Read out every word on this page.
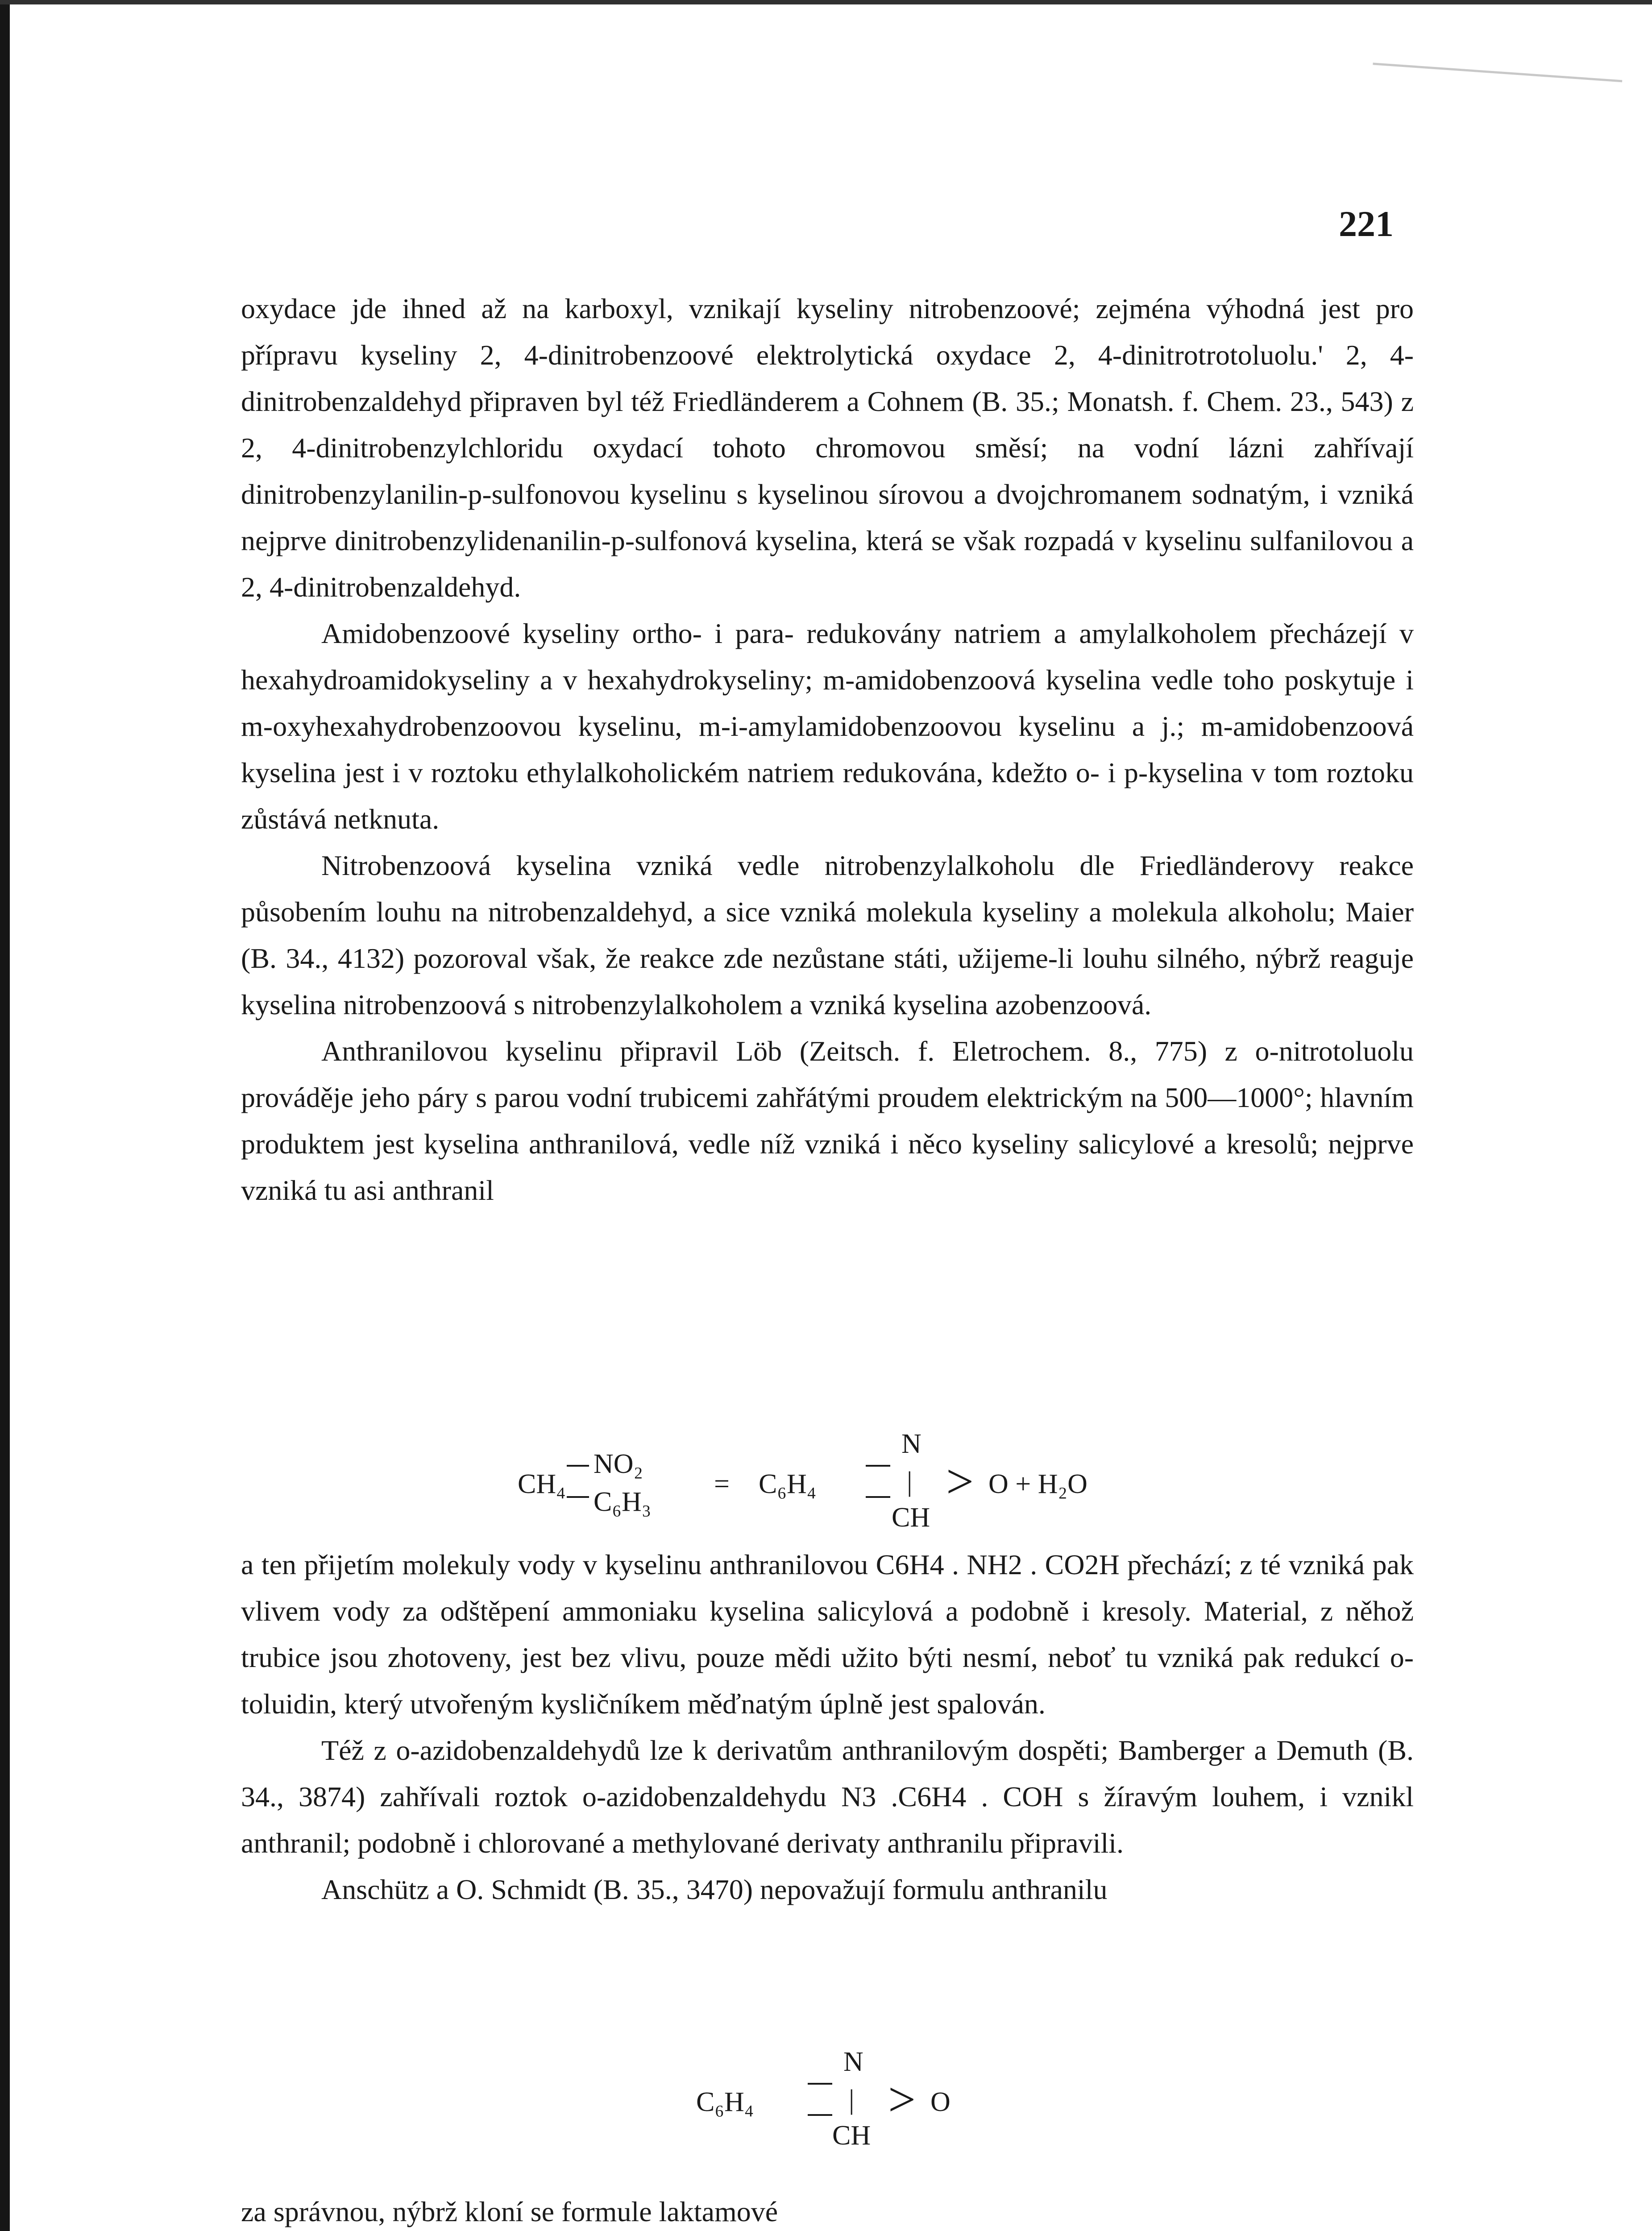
221

oxydace jde ihned až na karboxyl, vznikají kyseliny nitrobenzoové; zejména výhodná jest pro přípravu kyseliny 2, 4-dinitrobenzoové elektrolytická oxydace 2, 4-dinitrotrotoluolu.' 2, 4-dinitrobenzaldehyd připraven byl též Friedländerem a Cohnem (B. 35.; Monatsh. f. Chem. 23., 543) z 2, 4-dinitrobenzylchloridu oxydací tohoto chromovou směsí; na vodní lázni zahřívají dinitrobenzylanilin-p-sulfonovou kyselinu s kyselinou sírovou a dvojchromanem sodnatým, i vzniká nejprve dinitrobenzylidenanilin-p-sulfonová kyselina, která se však rozpadá v kyselinu sulfanilovou a 2, 4-dinitrobenzaldehyd.

Amidobenzoové kyseliny ortho- i para- redukovány natriem a amylalkoholem přecházejí v hexahydroamidokyseliny a v hexahydrokyseliny; m-amidobenzoová kyselina vedle toho poskytuje i m-oxyhexahydrobenzoovou kyselinu, m-i-amylamidobenzoovou kyselinu a j.; m-amidobenzoová kyselina jest i v roztoku ethylalkoholickém natriem redukována, kdežto o- i p-kyselina v tom roztoku zůstává netknuta.

Nitrobenzoová kyselina vzniká vedle nitrobenzylalkoholu dle Friedländerovy reakce působením louhu na nitrobenzaldehyd, a sice vzniká molekula kyseliny a molekula alkoholu; Maier (B. 34., 4132) pozoroval však, že reakce zde nezůstane státi, užijeme-li louhu silného, nýbrž reaguje kyselina nitrobenzoová s nitrobenzylalkoholem a vzniká kyselina azobenzoová.

Anthranilovou kyselinu připravil Löb (Zeitsch. f. Eletrochem. 8., 775) z o-nitrotoluolu prováděje jeho páry s parou vodní trubicemi zahřátými proudem elektrickým na 500—1000°; hlavním produktem jest kyselina anthranilová, vedle níž vzniká i něco kyseliny salicylové a kresolů; nejprve vzniká tu asi anthranil

CH₄
NO₂
C₆H₃
= C₆H₄
N
|
CH
> O + H₂O

a ten přijetím molekuly vody v kyselinu anthranilovou C6H4 . NH2 . CO2H přechází; z té vzniká pak vlivem vody za odštěpení ammoniaku kyselina salicylová a podobně i kresoly. Material, z něhož trubice jsou zhotoveny, jest bez vlivu, pouze mědi užito býti nesmí, neboť tu vzniká pak redukcí o-toluidin, který utvořeným kysličníkem měďnatým úplně jest spalován.

Též z o-azidobenzaldehydů lze k derivatům anthranilovým dospěti; Bamberger a Demuth (B. 34., 3874) zahřívali roztok o-azidobenzaldehydu N3 .C6H4 . COH s žíravým louhem, i vznikl anthranil; podobně i chlorované a methylované derivaty anthranilu připravili.

Anschütz a O. Schmidt (B. 35., 3470) nepovažují formulu anthranilu

C₆H₄
N
|
CH
> O

za správnou, nýbrž kloní se formule laktamové
